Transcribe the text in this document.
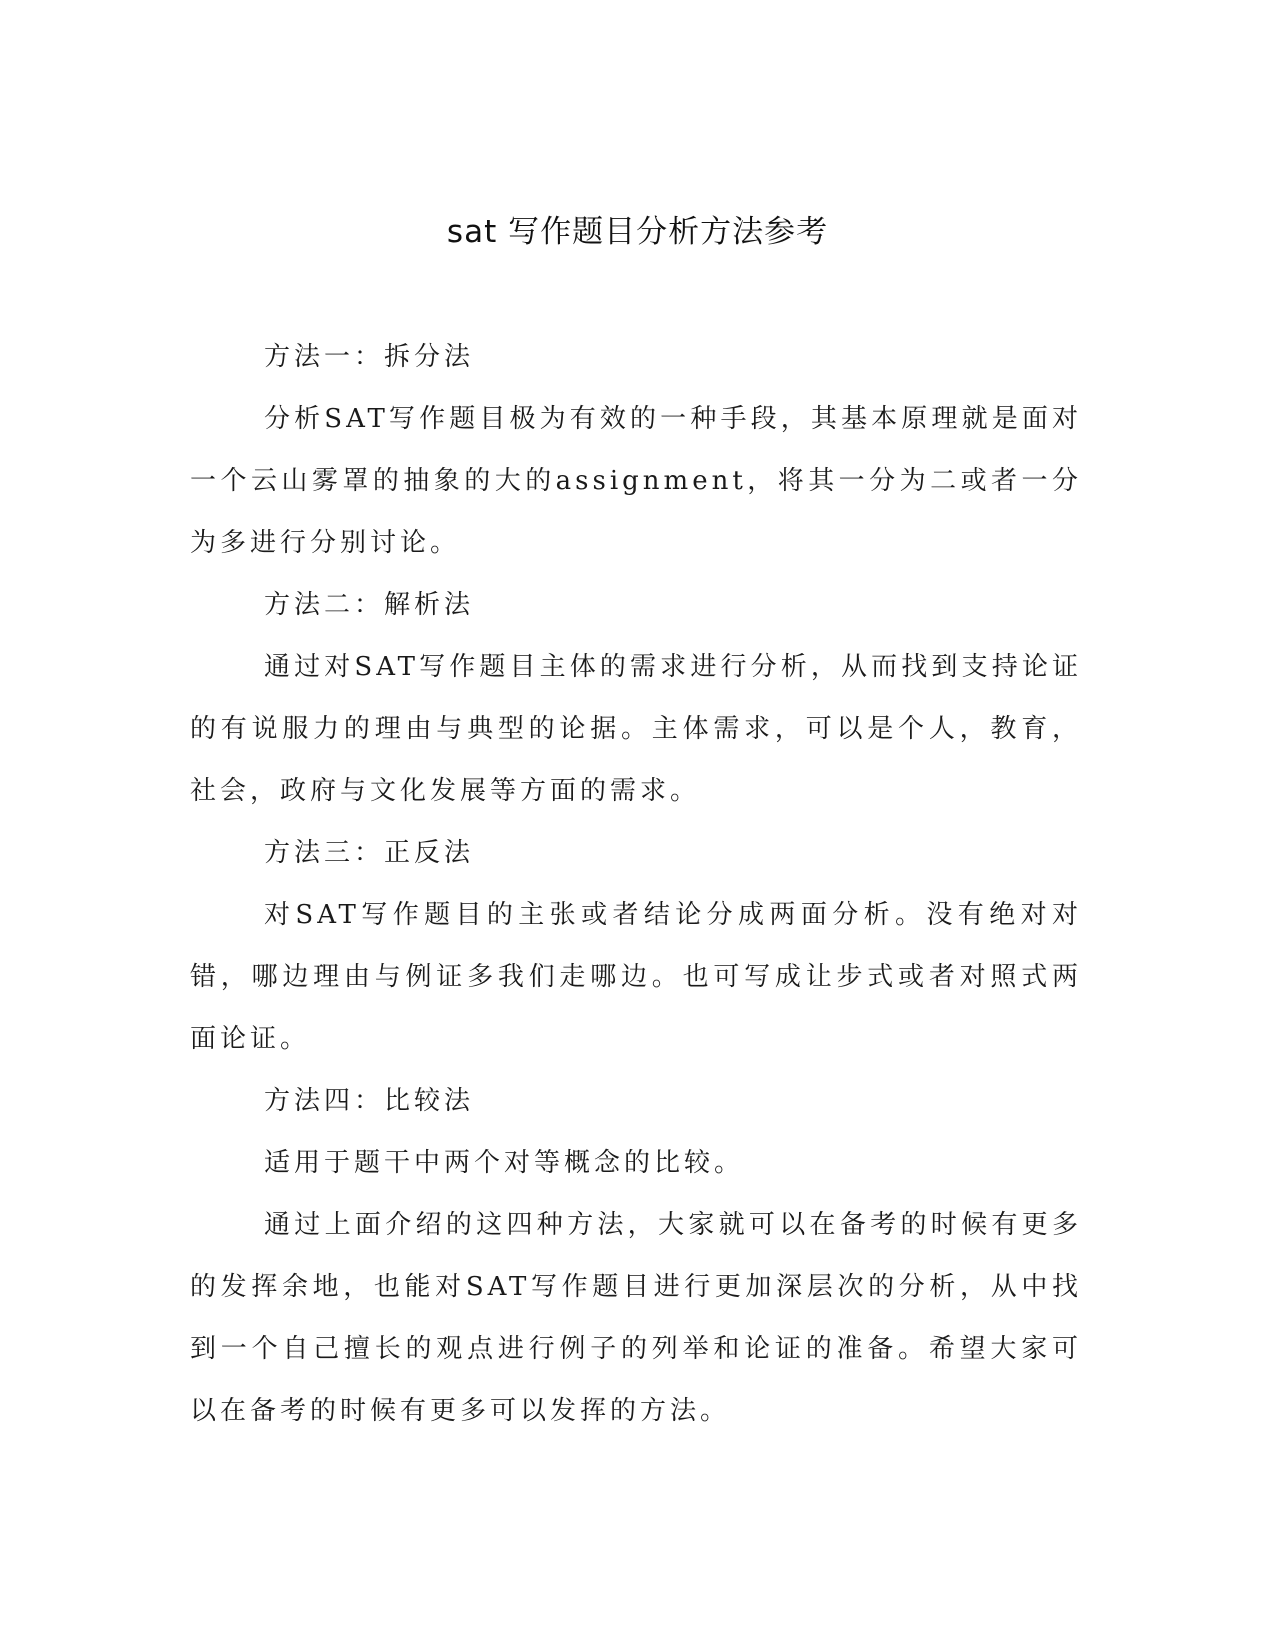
sat 写作题目分析方法参考

方法一：拆分法

分析SAT写作题目极为有效的一种手段，其基本原理就是面对一个云山雾罩的抽象的大的assignment，将其一分为二或者一分为多进行分别讨论。

方法二：解析法

通过对SAT写作题目主体的需求进行分析，从而找到支持论证的有说服力的理由与典型的论据。主体需求，可以是个人，教育，社会，政府与文化发展等方面的需求。

方法三：正反法

对SAT写作题目的主张或者结论分成两面分析。没有绝对对错，哪边理由与例证多我们走哪边。也可写成让步式或者对照式两面论证。

方法四：比较法

适用于题干中两个对等概念的比较。

通过上面介绍的这四种方法，大家就可以在备考的时候有更多的发挥余地，也能对SAT写作题目进行更加深层次的分析，从中找到一个自己擅长的观点进行例子的列举和论证的准备。希望大家可以在备考的时候有更多可以发挥的方法。
